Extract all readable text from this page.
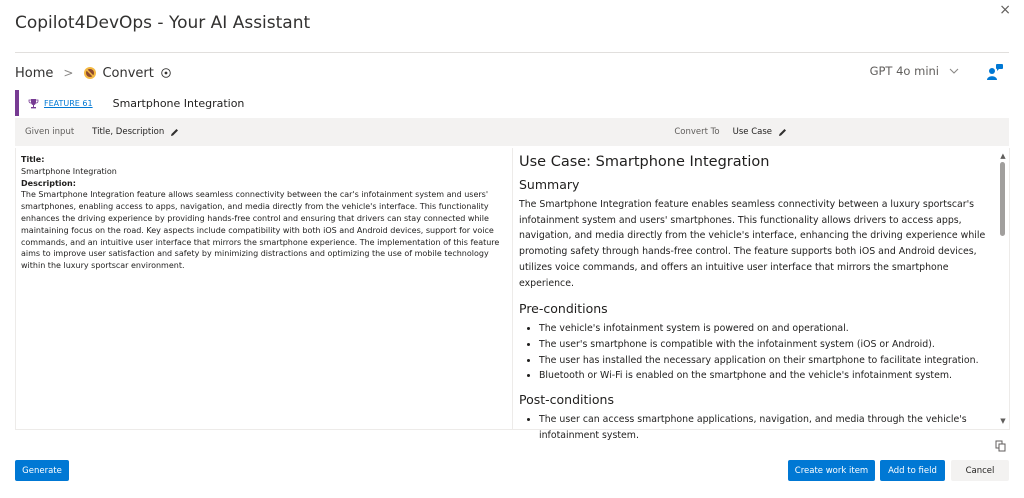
Copilot4DevOps - Your AI Assistant
×
Home > Convert	GPT 4o mini
FEATURE 61 Smartphone Integration
Given input Title, Description	Convert To Use Case
Title:
Smartphone Integration
Description:
The Smartphone Integration feature allows seamless connectivity between the car's infotainment system and users' smartphones, enabling access to apps, navigation, and media directly from the vehicle's interface. This functionality enhances the driving experience by providing hands-free control and ensuring that drivers can stay connected while maintaining focus on the road. Key aspects include compatibility with both iOS and Android devices, support for voice commands, and an intuitive user interface that mirrors the smartphone experience. The implementation of this feature aims to improve user satisfaction and safety by minimizing distractions and optimizing the use of mobile technology within the luxury sportscar environment.
Use Case: Smartphone Integration
Summary

The Smartphone Integration feature enables seamless connectivity between a luxury sportscar's infotainment system and users' smartphones. This functionality allows drivers to access apps, navigation, and media directly from the vehicle's interface, enhancing the driving experience while promoting safety through hands-free control. The feature supports both iOS and Android devices, utilizes voice commands, and offers an intuitive user interface that mirrors the smartphone experience.

Pre-conditions
• The vehicle's infotainment system is powered on and operational.
• The user's smartphone is compatible with the infotainment system (iOS or Android).
• The user has installed the necessary application on their smartphone to facilitate integration.
• Bluetooth or Wi-Fi is enabled on the smartphone and the vehicle's infotainment system.
Post-conditions
• The user can access smartphone applications, navigation, and media through the vehicle's infotainment system.
▲
▼
Generate	Create work item	Add to field	Cancel
